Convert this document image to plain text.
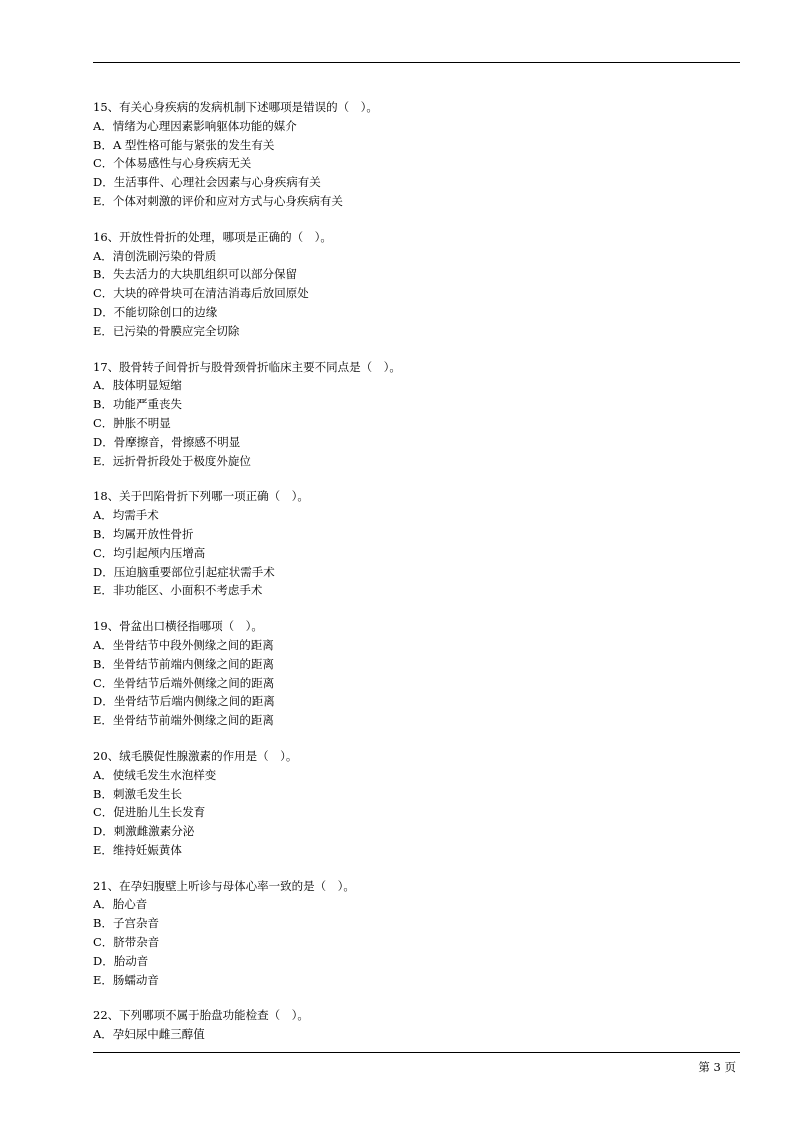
15、有关心身疾病的发病机制下述哪项是错误的（　）。
A．情绪为心理因素影响躯体功能的媒介
B．A 型性格可能与紧张的发生有关
C．个体易感性与心身疾病无关
D．生活事件、心理社会因素与心身疾病有关
E．个体对刺激的评价和应对方式与心身疾病有关
16、开放性骨折的处理，哪项是正确的（　）。
A．清创洗刷污染的骨质
B．失去活力的大块肌组织可以部分保留
C．大块的碎骨块可在清洁消毒后放回原处
D．不能切除创口的边缘
E．已污染的骨膜应完全切除
17、股骨转子间骨折与股骨颈骨折临床主要不同点是（　）。
A．肢体明显短缩
B．功能严重丧失
C．肿胀不明显
D．骨摩擦音，骨擦感不明显
E．远折骨折段处于极度外旋位
18、关于凹陷骨折下列哪一项正确（　）。
A．均需手术
B．均属开放性骨折
C．均引起颅内压增高
D．压迫脑重要部位引起症状需手术
E．非功能区、小面积不考虑手术
19、骨盆出口横径指哪项（　）。
A．坐骨结节中段外侧缘之间的距离
B．坐骨结节前端内侧缘之间的距离
C．坐骨结节后端外侧缘之间的距离
D．坐骨结节后端内侧缘之间的距离
E．坐骨结节前端外侧缘之间的距离
20、绒毛膜促性腺激素的作用是（　）。
A．使绒毛发生水泡样变
B．刺激毛发生长
C．促进胎儿生长发育
D．刺激雌激素分泌
E．维持妊娠黄体
21、在孕妇腹壁上听诊与母体心率一致的是（　）。
A．胎心音
B．子宫杂音
C．脐带杂音
D．胎动音
E．肠蠕动音
22、下列哪项不属于胎盘功能检查（　）。
A．孕妇尿中雌三醇值
第 3 页
